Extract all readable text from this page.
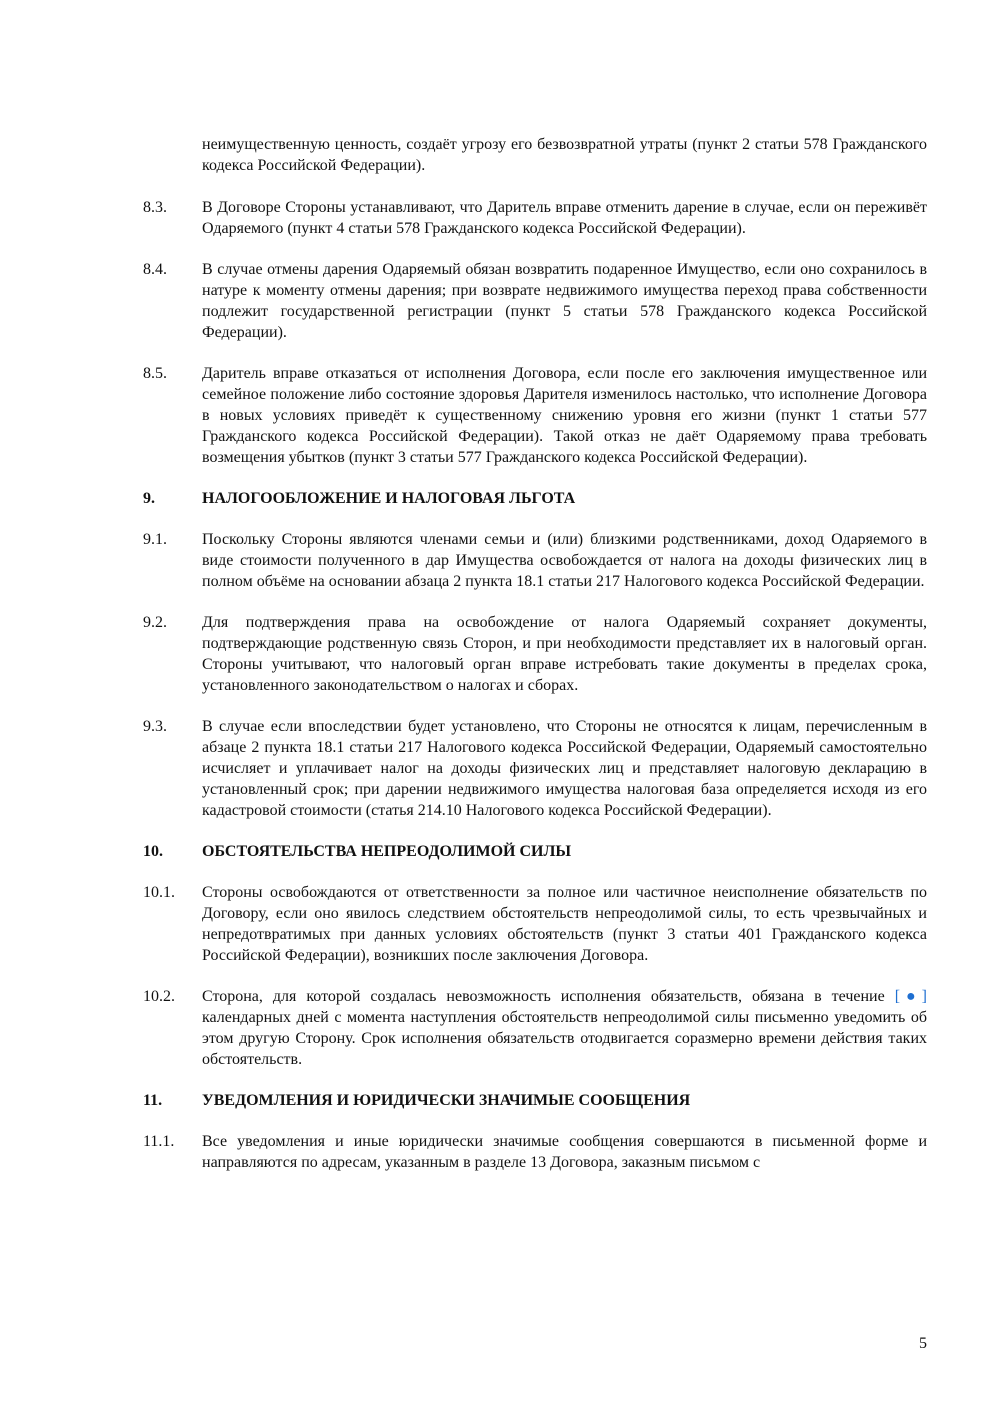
неимущественную ценность, создаёт угрозу его безвозвратной утраты (пункт 2 статьи 578 Гражданского кодекса Российской Федерации).

8.3.	В Договоре Стороны устанавливают, что Даритель вправе отменить дарение в случае, если он переживёт Одаряемого (пункт 4 статьи 578 Гражданского кодекса Российской Федерации).
8.4.	В случае отмены дарения Одаряемый обязан возвратить подаренное Имущество, если оно сохранилось в натуре к моменту отмены дарения; при возврате недвижимого имущества переход права собственности подлежит государственной регистрации (пункт 5 статьи 578 Гражданского кодекса Российской Федерации).
8.5.	Даритель вправе отказаться от исполнения Договора, если после его заключения имущественное или семейное положение либо состояние здоровья Дарителя изменилось настолько, что исполнение Договора в новых условиях приведёт к существенному снижению уровня его жизни (пункт 1 статьи 577 Гражданского кодекса Российской Федерации). Такой отказ не даёт Одаряемому права требовать возмещения убытков (пункт 3 статьи 577 Гражданского кодекса Российской Федерации).
9.	НАЛОГООБЛОЖЕНИЕ И НАЛОГОВАЯ ЛЬГОТА
9.1.	Поскольку Стороны являются членами семьи и (или) близкими родственниками, доход Одаряемого в виде стоимости полученного в дар Имущества освобождается от налога на доходы физических лиц в полном объёме на основании абзаца 2 пункта 18.1 статьи 217 Налогового кодекса Российской Федерации.
9.2.	Для подтверждения права на освобождение от налога Одаряемый сохраняет документы, подтверждающие родственную связь Сторон, и при необходимости представляет их в налоговый орган. Стороны учитывают, что налоговый орган вправе истребовать такие документы в пределах срока, установленного законодательством о налогах и сборах.
9.3.	В случае если впоследствии будет установлено, что Стороны не относятся к лицам, перечисленным в абзаце 2 пункта 18.1 статьи 217 Налогового кодекса Российской Федерации, Одаряемый самостоятельно исчисляет и уплачивает налог на доходы физических лиц и представляет налоговую декларацию в установленный срок; при дарении недвижимого имущества налоговая база определяется исходя из его кадастровой стоимости (статья 214.10 Налогового кодекса Российской Федерации).
10.	ОБСТОЯТЕЛЬСТВА НЕПРЕОДОЛИМОЙ СИЛЫ
10.1.	Стороны освобождаются от ответственности за полное или частичное неисполнение обязательств по Договору, если оно явилось следствием обстоятельств непреодолимой силы, то есть чрезвычайных и непредотвратимых при данных условиях обстоятельств (пункт 3 статьи 401 Гражданского кодекса Российской Федерации), возникших после заключения Договора.
10.2.	Сторона, для которой создалась невозможность исполнения обязательств, обязана в течение [●] календарных дней с момента наступления обстоятельств непреодолимой силы письменно уведомить об этом другую Сторону. Срок исполнения обязательств отодвигается соразмерно времени действия таких обстоятельств.
11.	УВЕДОМЛЕНИЯ И ЮРИДИЧЕСКИ ЗНАЧИМЫЕ СООБЩЕНИЯ
11.1.	Все уведомления и иные юридически значимые сообщения совершаются в письменной форме и направляются по адресам, указанным в разделе 13 Договора, заказным письмом с
5
